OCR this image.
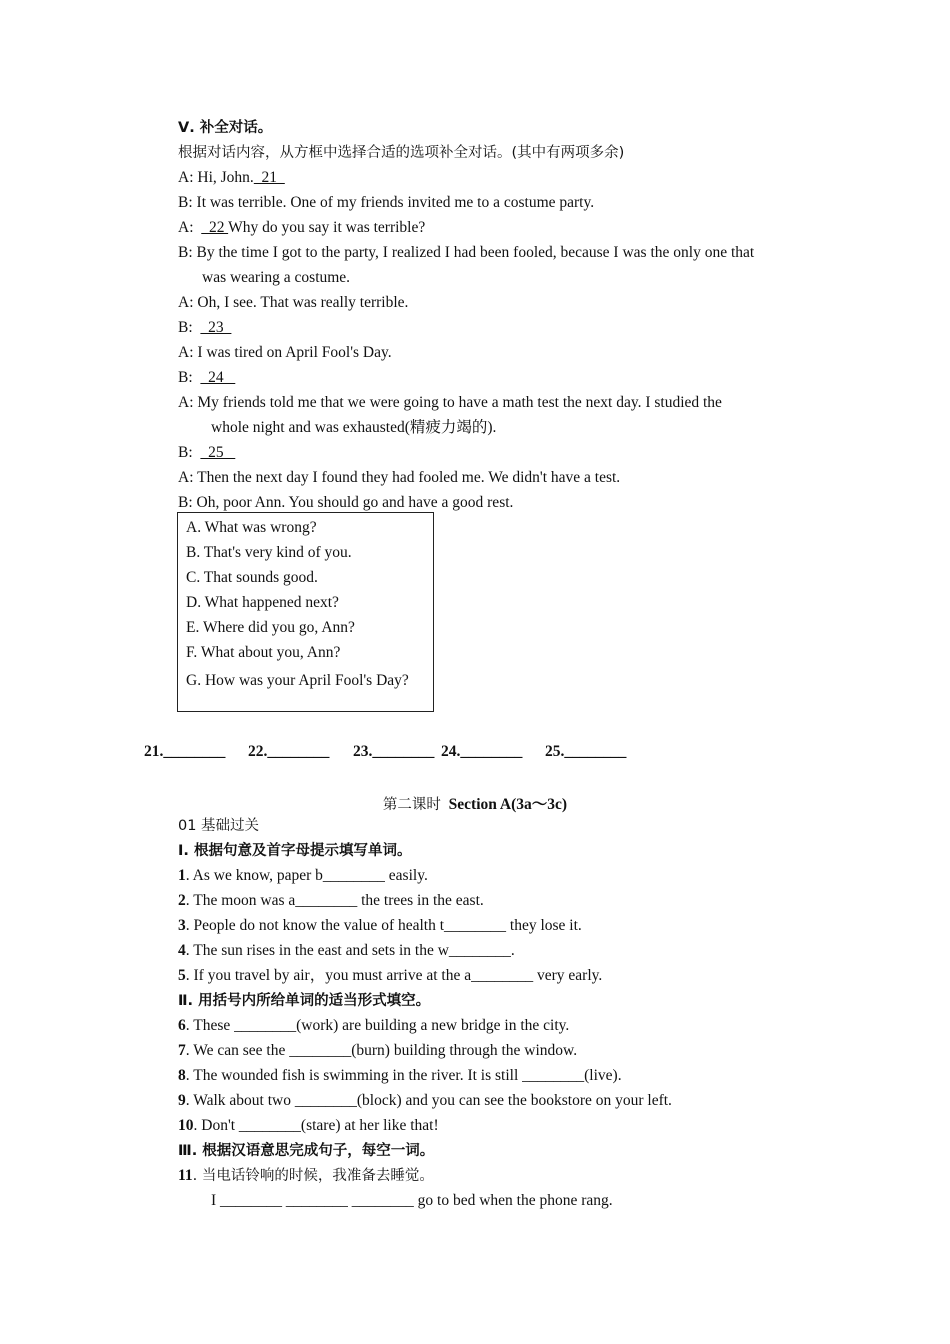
Ⅴ. 补全对话。
根据对话内容，从方框中选择合适的选项补全对话。(其中有两项多余)
A: Hi, John.  21
B: It was terrible. One of my friends invited me to a costume party.
A:    22 Why do you say it was terrible?
B: By the time I got to the party, I realized I had been fooled, because I was the only one that
was wearing a costume.
A: Oh, I see. That was really terrible.
B:    23
A: I was tired on April Fool's Day.
B:    24
A: My friends told me that we were going to have a math test the next day. I studied the
whole night and was exhausted(精疲力竭的).
B:    25
A: Then the next day I found they had fooled me. We didn't have a test.
B: Oh, poor Ann. You should go and have a good rest.
A. What was wrong?
B. That's very kind of you.
C. That sounds good.
D. What happened next?
E. Where did you go, Ann?
F. What about you, Ann?
G. How was your April Fool's Day?
21.________ 22.________ 23.________ 24.________ 25.________
第二课时 Section A(3a～3c)
01 基础过关
Ⅰ. 根据句意及首字母提示填写单词。
1. As we know, paper b________ easily.
2. The moon was a________ the trees in the east.
3. People do not know the value of health t________ they lose it.
4. The sun rises in the east and sets in the w________.
5. If you travel by air，you must arrive at the a________ very early.
Ⅱ. 用括号内所给单词的适当形式填空。
6. These ________(work) are building a new bridge in the city.
7. We can see the ________(burn) building through the window.
8. The wounded fish is swimming in the river. It is still ________(live).
9. Walk about two ________(block) and you can see the bookstore on your left.
10. Don't ________(stare) at her like that!
Ⅲ. 根据汉语意思完成句子，每空一词。
11. 当电话铃响的时候，我准备去睡觉。
I ________ ________ ________ go to bed when the phone rang.
